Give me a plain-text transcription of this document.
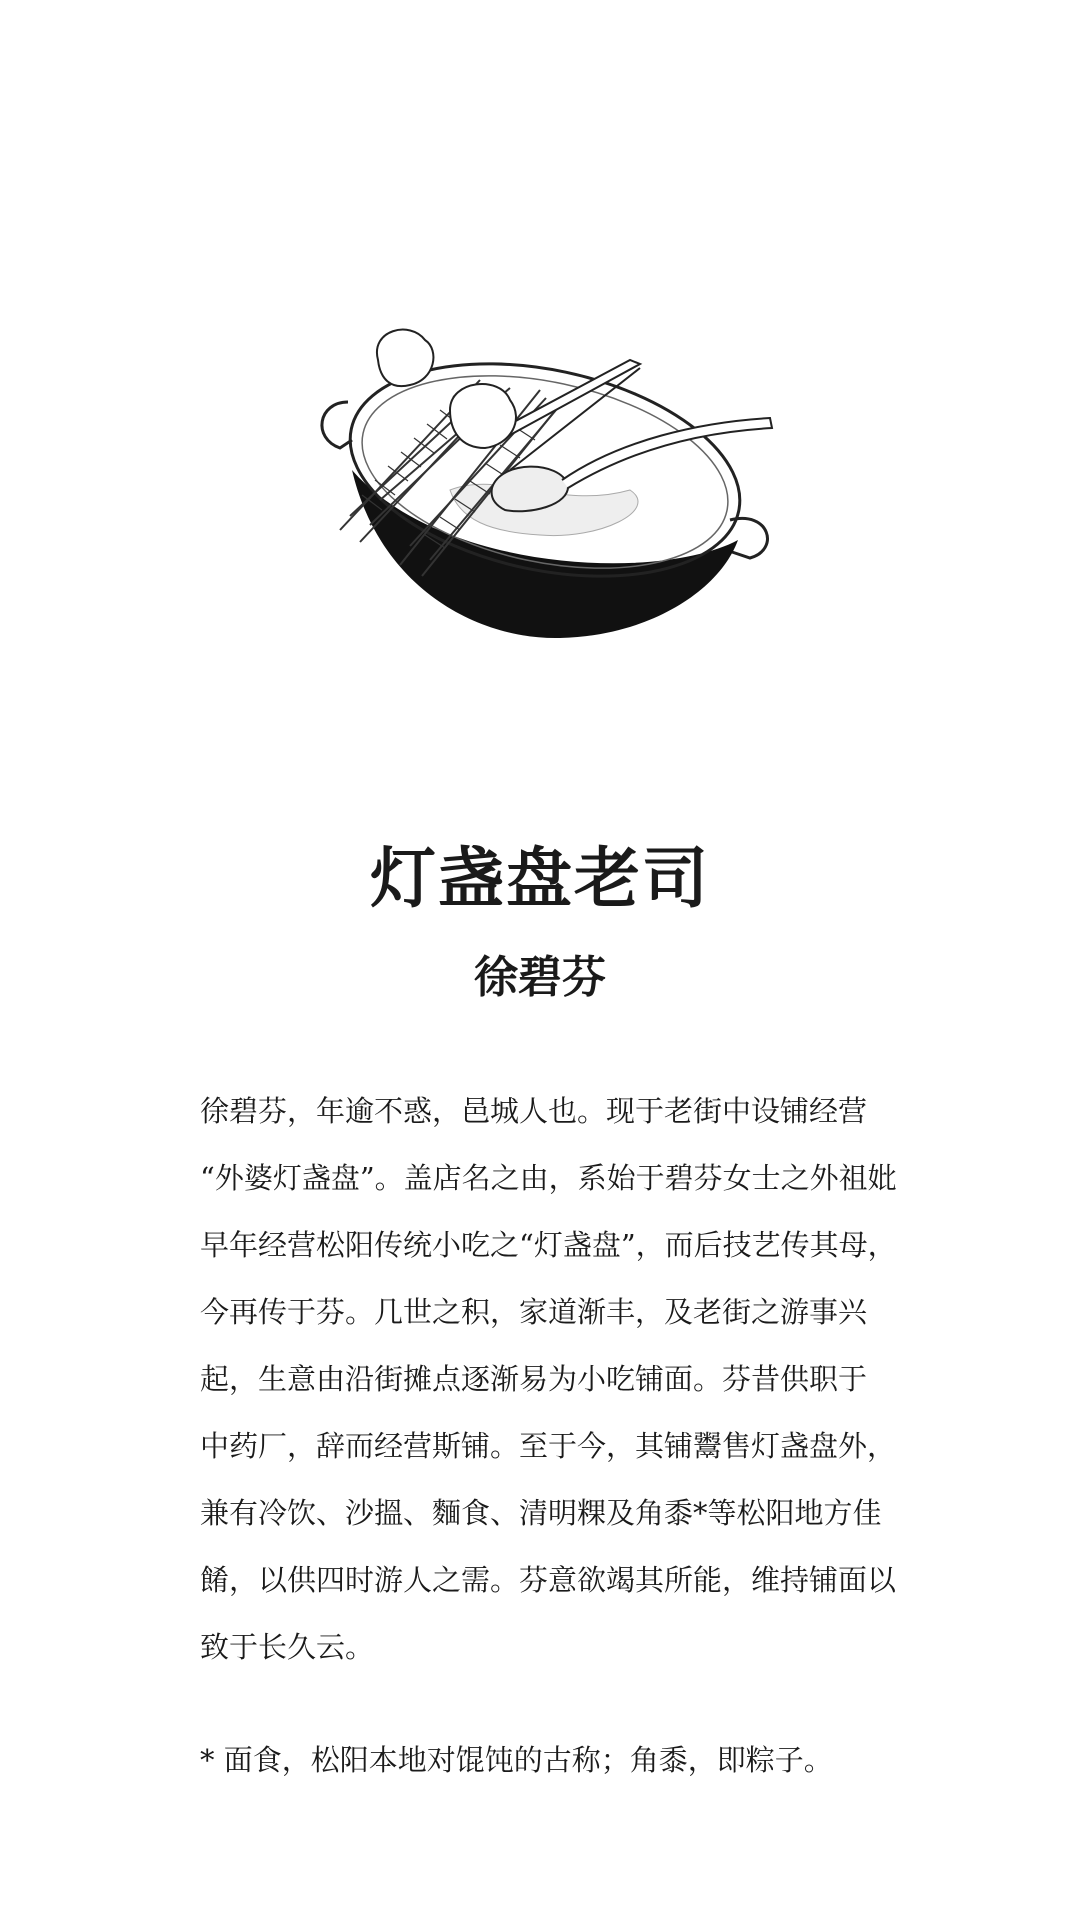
灯盏盘老司
徐碧芬
徐碧芬，年逾不惑，邑城人也。现于老街中设铺经营
“外婆灯盏盘”。盖店名之由，系始于碧芬女士之外祖妣
早年经营松阳传统小吃之“灯盏盘”，而后技艺传其母，
今再传于芬。几世之积，家道渐丰，及老街之游事兴
起，生意由沿街摊点逐渐易为小吃铺面。芬昔供职于
中药厂，辞而经营斯铺。至于今，其铺鬻售灯盏盘外，
兼有冷饮、沙搵、麵食、清明粿及角黍*等松阳地方佳
餚，以供四时游人之需。芬意欲竭其所能，维持铺面以
致于长久云。
* 面食，松阳本地对馄饨的古称；角黍，即粽子。
